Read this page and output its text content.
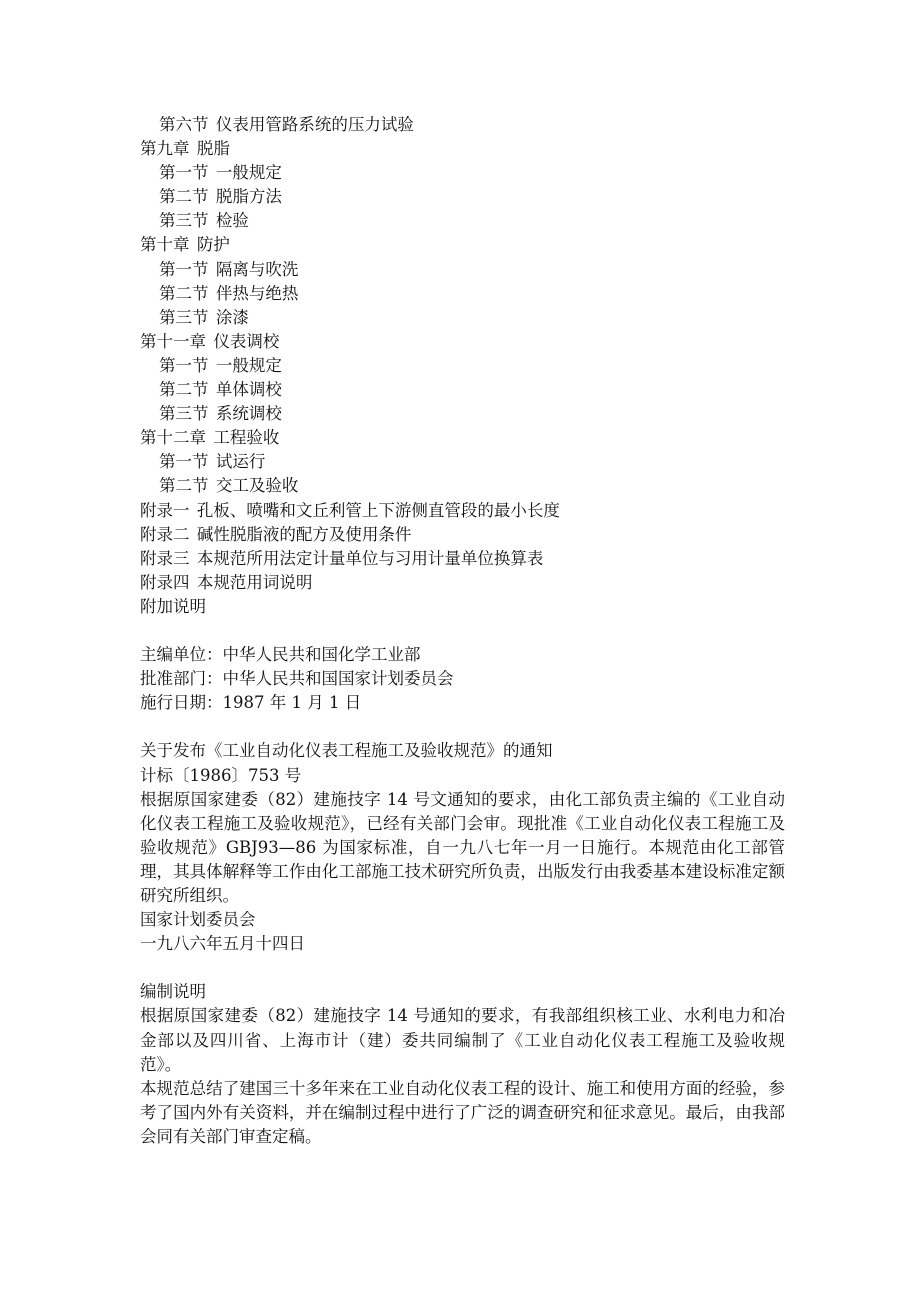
第六节 仪表用管路系统的压力试验
第九章 脱脂
第一节 一般规定
第二节 脱脂方法
第三节 检验
第十章 防护
第一节 隔离与吹洗
第二节 伴热与绝热
第三节 涂漆
第十一章 仪表调校
第一节 一般规定
第二节 单体调校
第三节 系统调校
第十二章 工程验收
第一节 试运行
第二节 交工及验收
附录一 孔板、喷嘴和文丘利管上下游侧直管段的最小长度
附录二 碱性脱脂液的配方及使用条件
附录三 本规范所用法定计量单位与习用计量单位换算表
附录四 本规范用词说明
附加说明
主编单位：中华人民共和国化学工业部
批准部门：中华人民共和国国家计划委员会
施行日期：1987 年 1 月 1 日
关于发布《工业自动化仪表工程施工及验收规范》的通知
计标〔1986〕753 号
根据原国家建委（82）建施技字 14 号文通知的要求，由化工部负责主编的《工业自动化仪表工程施工及验收规范》，已经有关部门会审。现批准《工业自动化仪表工程施工及验收规范》GBJ93—86 为国家标准，自一九八七年一月一日施行。本规范由化工部管理，其具体解释等工作由化工部施工技术研究所负责，出版发行由我委基本建设标准定额研究所组织。
国家计划委员会
一九八六年五月十四日
编制说明
根据原国家建委（82）建施技字 14 号通知的要求，有我部组织核工业、水利电力和冶金部以及四川省、上海市计（建）委共同编制了《工业自动化仪表工程施工及验收规范》。
本规范总结了建国三十多年来在工业自动化仪表工程的设计、施工和使用方面的经验，参考了国内外有关资料，并在编制过程中进行了广泛的调查研究和征求意见。最后，由我部会同有关部门审查定稿。
